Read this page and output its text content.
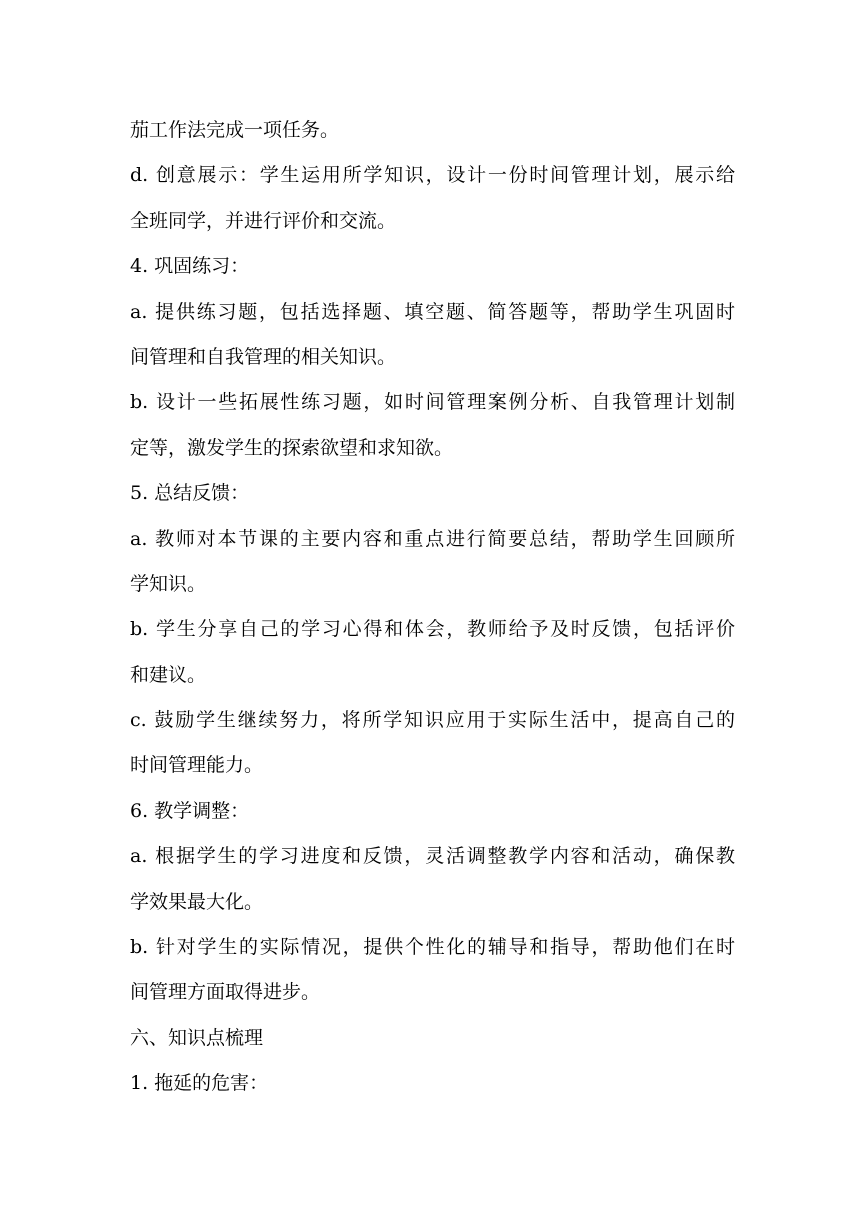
茄工作法完成一项任务。
d. 创意展示：学生运用所学知识，设计一份时间管理计划，展示给
全班同学，并进行评价和交流。
4. 巩固练习：
a. 提供练习题，包括选择题、填空题、简答题等，帮助学生巩固时
间管理和自我管理的相关知识。
b. 设计一些拓展性练习题，如时间管理案例分析、自我管理计划制
定等，激发学生的探索欲望和求知欲。
5. 总结反馈：
a. 教师对本节课的主要内容和重点进行简要总结，帮助学生回顾所
学知识。
b. 学生分享自己的学习心得和体会，教师给予及时反馈，包括评价
和建议。
c. 鼓励学生继续努力，将所学知识应用于实际生活中，提高自己的
时间管理能力。
6. 教学调整：
a. 根据学生的学习进度和反馈，灵活调整教学内容和活动，确保教
学效果最大化。
b. 针对学生的实际情况，提供个性化的辅导和指导，帮助他们在时
间管理方面取得进步。
六、知识点梳理
1. 拖延的危害：
